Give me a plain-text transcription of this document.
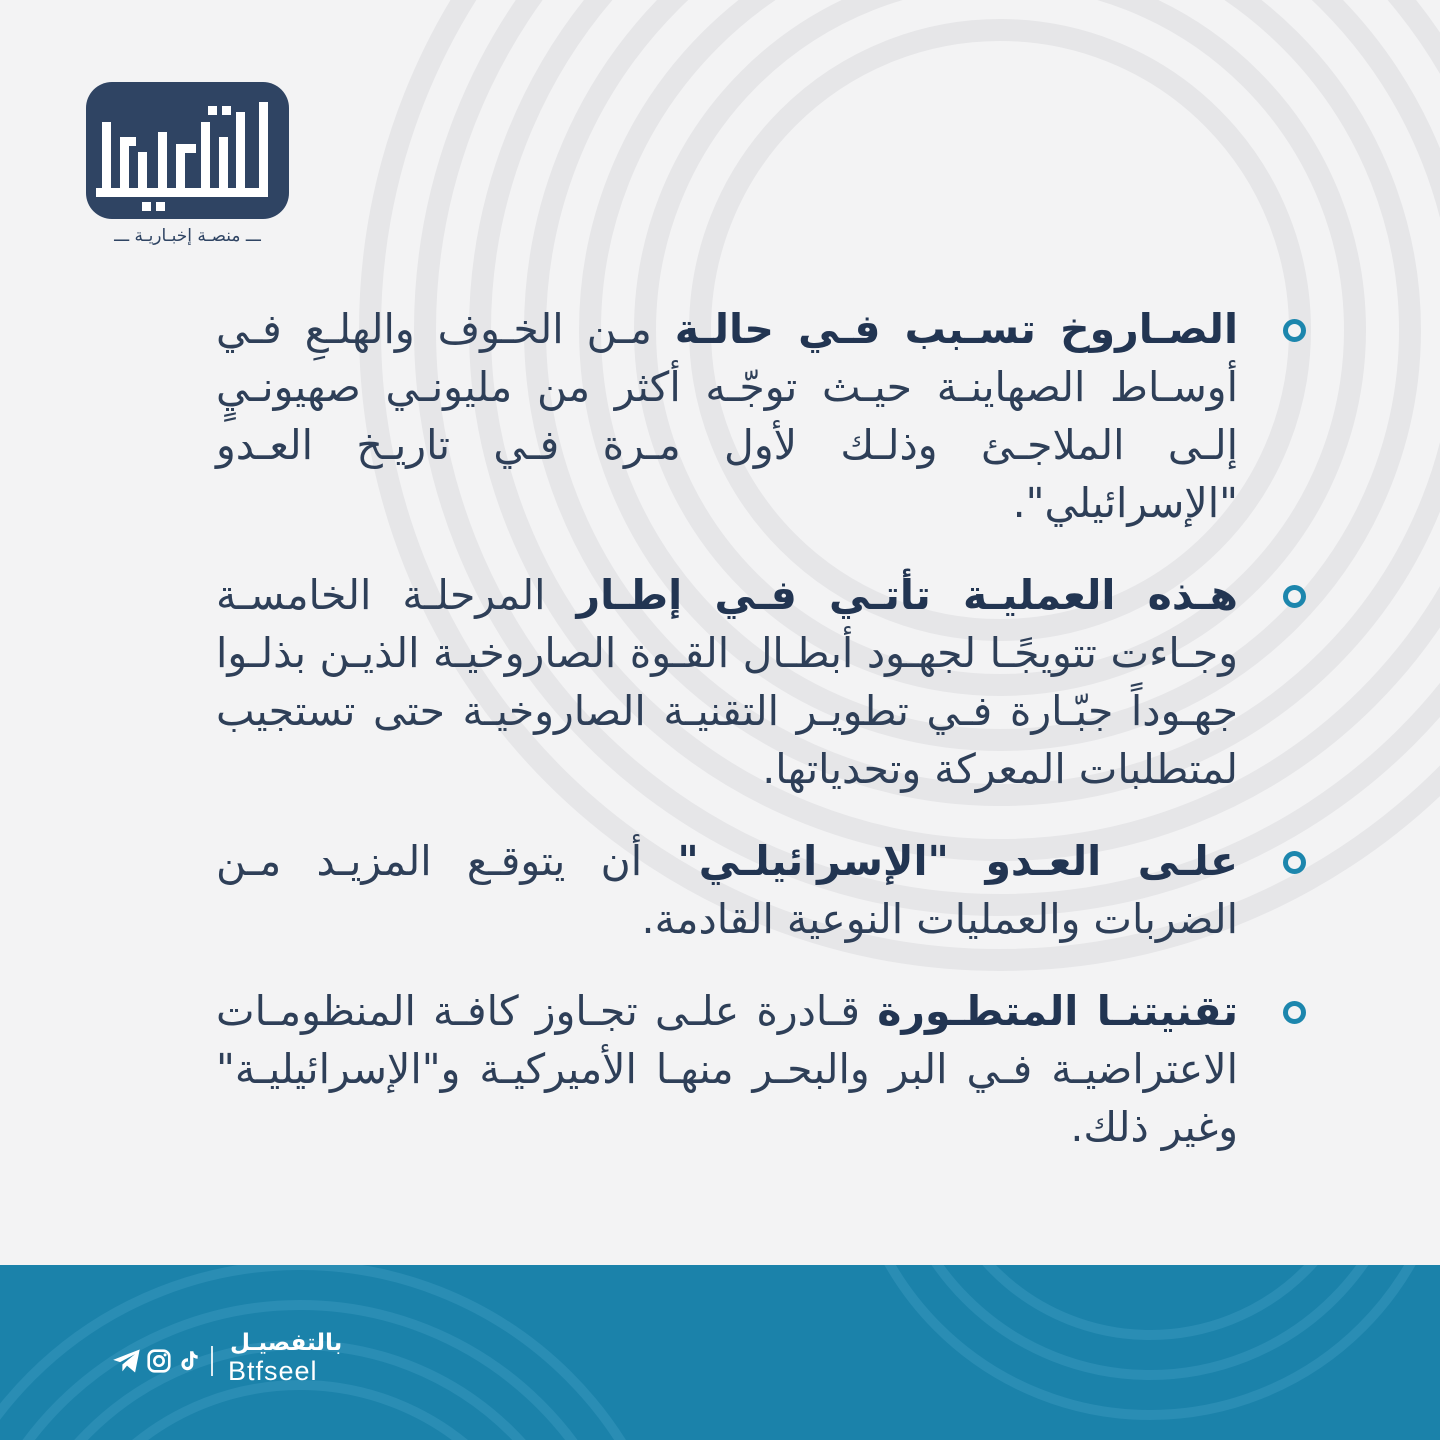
ـــ منصـة إخبـاريـة ـــ
الصـاروخ تسـبب فـي حالـة مـن الخـوف والهلـعِ فـي أوسـاط الصهاينـة حيـث توجّـه أكثر من مليونـي صهيونـيٍ إلـى الملاجـئ وذلـك لأول مـرة فـي تاريـخ العـدو "الإسرائيلي".
هـذه العمليـة تأتـي فـي إطـار المرحلـة الخامسـة وجـاءت تتويجًـا لجهـود أبطـال القـوة الصاروخيـة الذيـن بذلـوا جهـوداً جبّـارة فـي تطويـر التقنيـة الصاروخيـة حتى تستجيب لمتطلبات المعركة وتحدياتها.
علـى العـدو "الإسرائيلـي" أن يتوقـع المزيـد مـن الضربات والعمليات النوعية القادمة.
تقنيتنـا المتطـورة قـادرة علـى تجـاوز كافـة المنظومـات الاعتراضيـة فـي البر والبحـر منهـا الأميركيـة و"الإسرائيليـة" وغير ذلك.
بالتفصيـل
Btfseel
